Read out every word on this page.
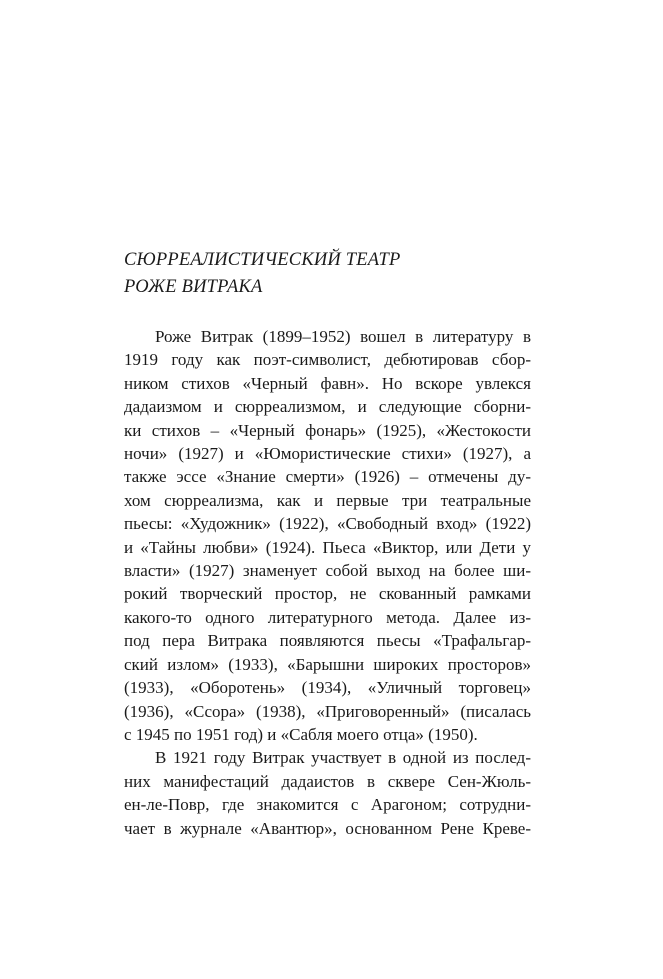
СЮРРЕАЛИСТИЧЕСКИЙ ТЕАТР
РОЖЕ ВИТРАКА
Роже Витрак (1899–1952) вошел в литературу в
1919 году как поэт-символист, дебютировав сбор-
ником стихов «Черный фавн». Но вскоре увлекся
дадаизмом и сюрреализмом, и следующие сборни-
ки стихов – «Черный фонарь» (1925), «Жестокости
ночи» (1927) и «Юмористические стихи» (1927), а
также эссе «Знание смерти» (1926) – отмечены ду-
хом сюрреализма, как и первые три театральные
пьесы: «Художник» (1922), «Свободный вход» (1922)
и «Тайны любви» (1924). Пьеса «Виктор, или Дети у
власти» (1927) знаменует собой выход на более ши-
рокий творческий простор, не скованный рамками
какого-то одного литературного метода. Далее из-
под пера Витрака появляются пьесы «Трафальгар-
ский излом» (1933), «Барышни широких просторов»
(1933), «Оборотень» (1934), «Уличный торговец»
(1936), «Ссора» (1938), «Приговоренный» (писалась
с 1945 по 1951 год) и «Сабля моего отца» (1950).
В 1921 году Витрак участвует в одной из послед-
них манифестаций дадаистов в сквере Сен-Жюль-
ен-ле-Повр, где знакомится с Арагоном; сотрудни-
чает в журнале «Авантюр», основанном Рене Креве-
